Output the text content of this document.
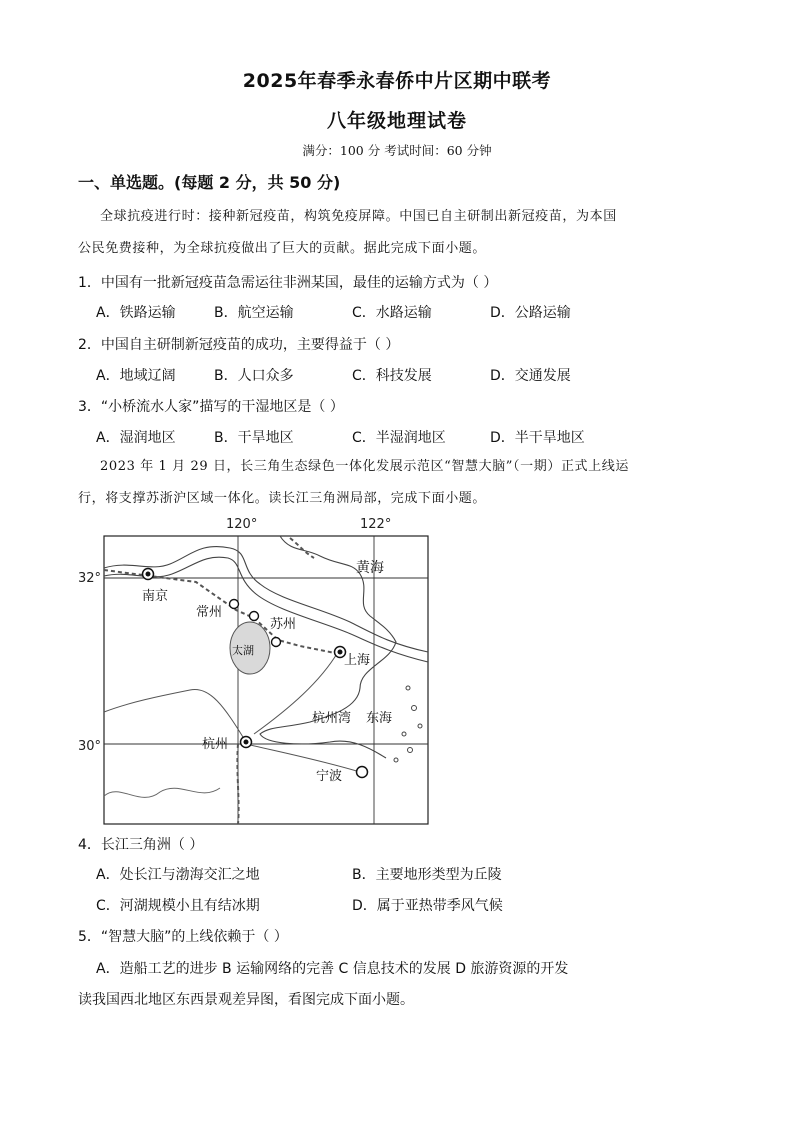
2025年春季永春侨中片区期中联考
八年级地理试卷
满分：100 分 考试时间：60 分钟
一、单选题。(每题 2 分，共 50 分)
全球抗疫进行时：接种新冠疫苗，构筑免疫屏障。中国已自主研制出新冠疫苗，为本国
公民免费接种，为全球抗疫做出了巨大的贡献。据此完成下面小题。
1．中国有一批新冠疫苗急需运往非洲某国，最佳的运输方式为（ ）
A．铁路运输	B．航空运输	C．水路运输	D．公路运输
2．中国自主研制新冠疫苗的成功，主要得益于（ ）
A．地域辽阔	B．人口众多	C．科技发展	D．交通发展
3．“小桥流水人家”描写的干湿地区是（ ）
A．湿润地区	B．干旱地区	C．半湿润地区	D．半干旱地区
2023 年 1 月 29 日，长三角生态绿色一体化发展示范区“智慧大脑”（一期）正式上线运
行，将支撑苏浙沪区域一体化。读长江三角洲局部，完成下面小题。
120°	122°
32°
30°
南京
常州
苏州
太湖
上海
黄海
杭州湾 东海
杭州
宁波
4．长江三角洲（ ）
A．处长江与渤海交汇之地	B．主要地形类型为丘陵
C．河湖规模小且有结冰期	D．属于亚热带季风气候
5．“智慧大脑”的上线依赖于（ ）
A．造船工艺的进步 B 运输网络的完善 C 信息技术的发展 D 旅游资源的开发
读我国西北地区东西景观差异图，看图完成下面小题。
